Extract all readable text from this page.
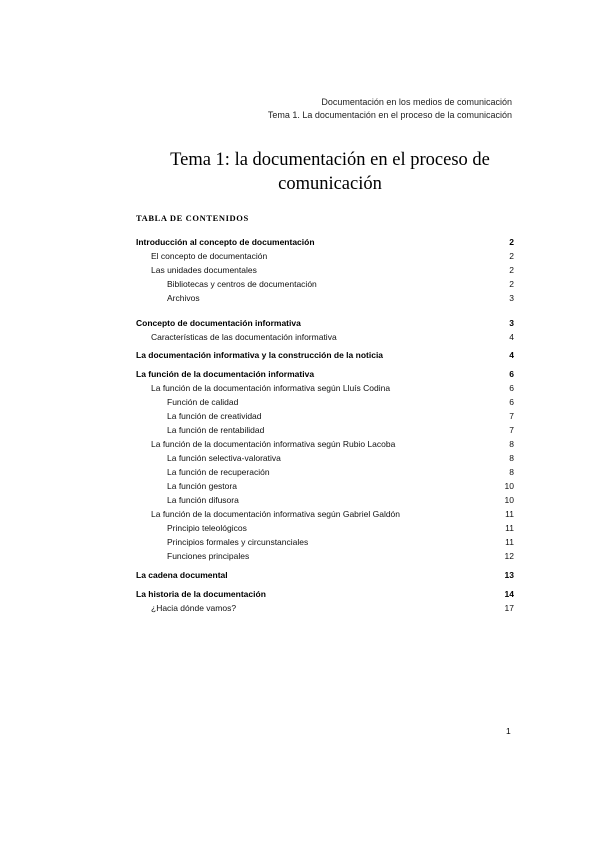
Documentación en los medios de comunicación
Tema 1. La documentación en el proceso de la comunicación
Tema 1: la documentación en el proceso de
comunicación
TABLA DE CONTENIDOS
Introducción al concepto de documentación	2
El concepto de documentación	2
Las unidades documentales	2
Bibliotecas y centros de documentación	2
Archivos	3
Concepto de documentación informativa	3
Características de las documentación informativa	4
La documentación informativa y la construcción de la noticia	4
La función de la documentación informativa	6
La función de la documentación informativa según Lluís Codina	6
Función de calidad	6
La función de creatividad	7
La función de rentabilidad	7
La función de la documentación informativa según Rubio Lacoba	8
La función selectiva-valorativa	8
La función de recuperación	8
La función gestora	10
La función difusora	10
La función de la documentación informativa según Gabriel Galdón	11
Principio teleológicos	11
Principios formales y circunstanciales	11
Funciones principales	12
La cadena documental	13
La historia de la documentación	14
¿Hacia dónde vamos?	17
1
